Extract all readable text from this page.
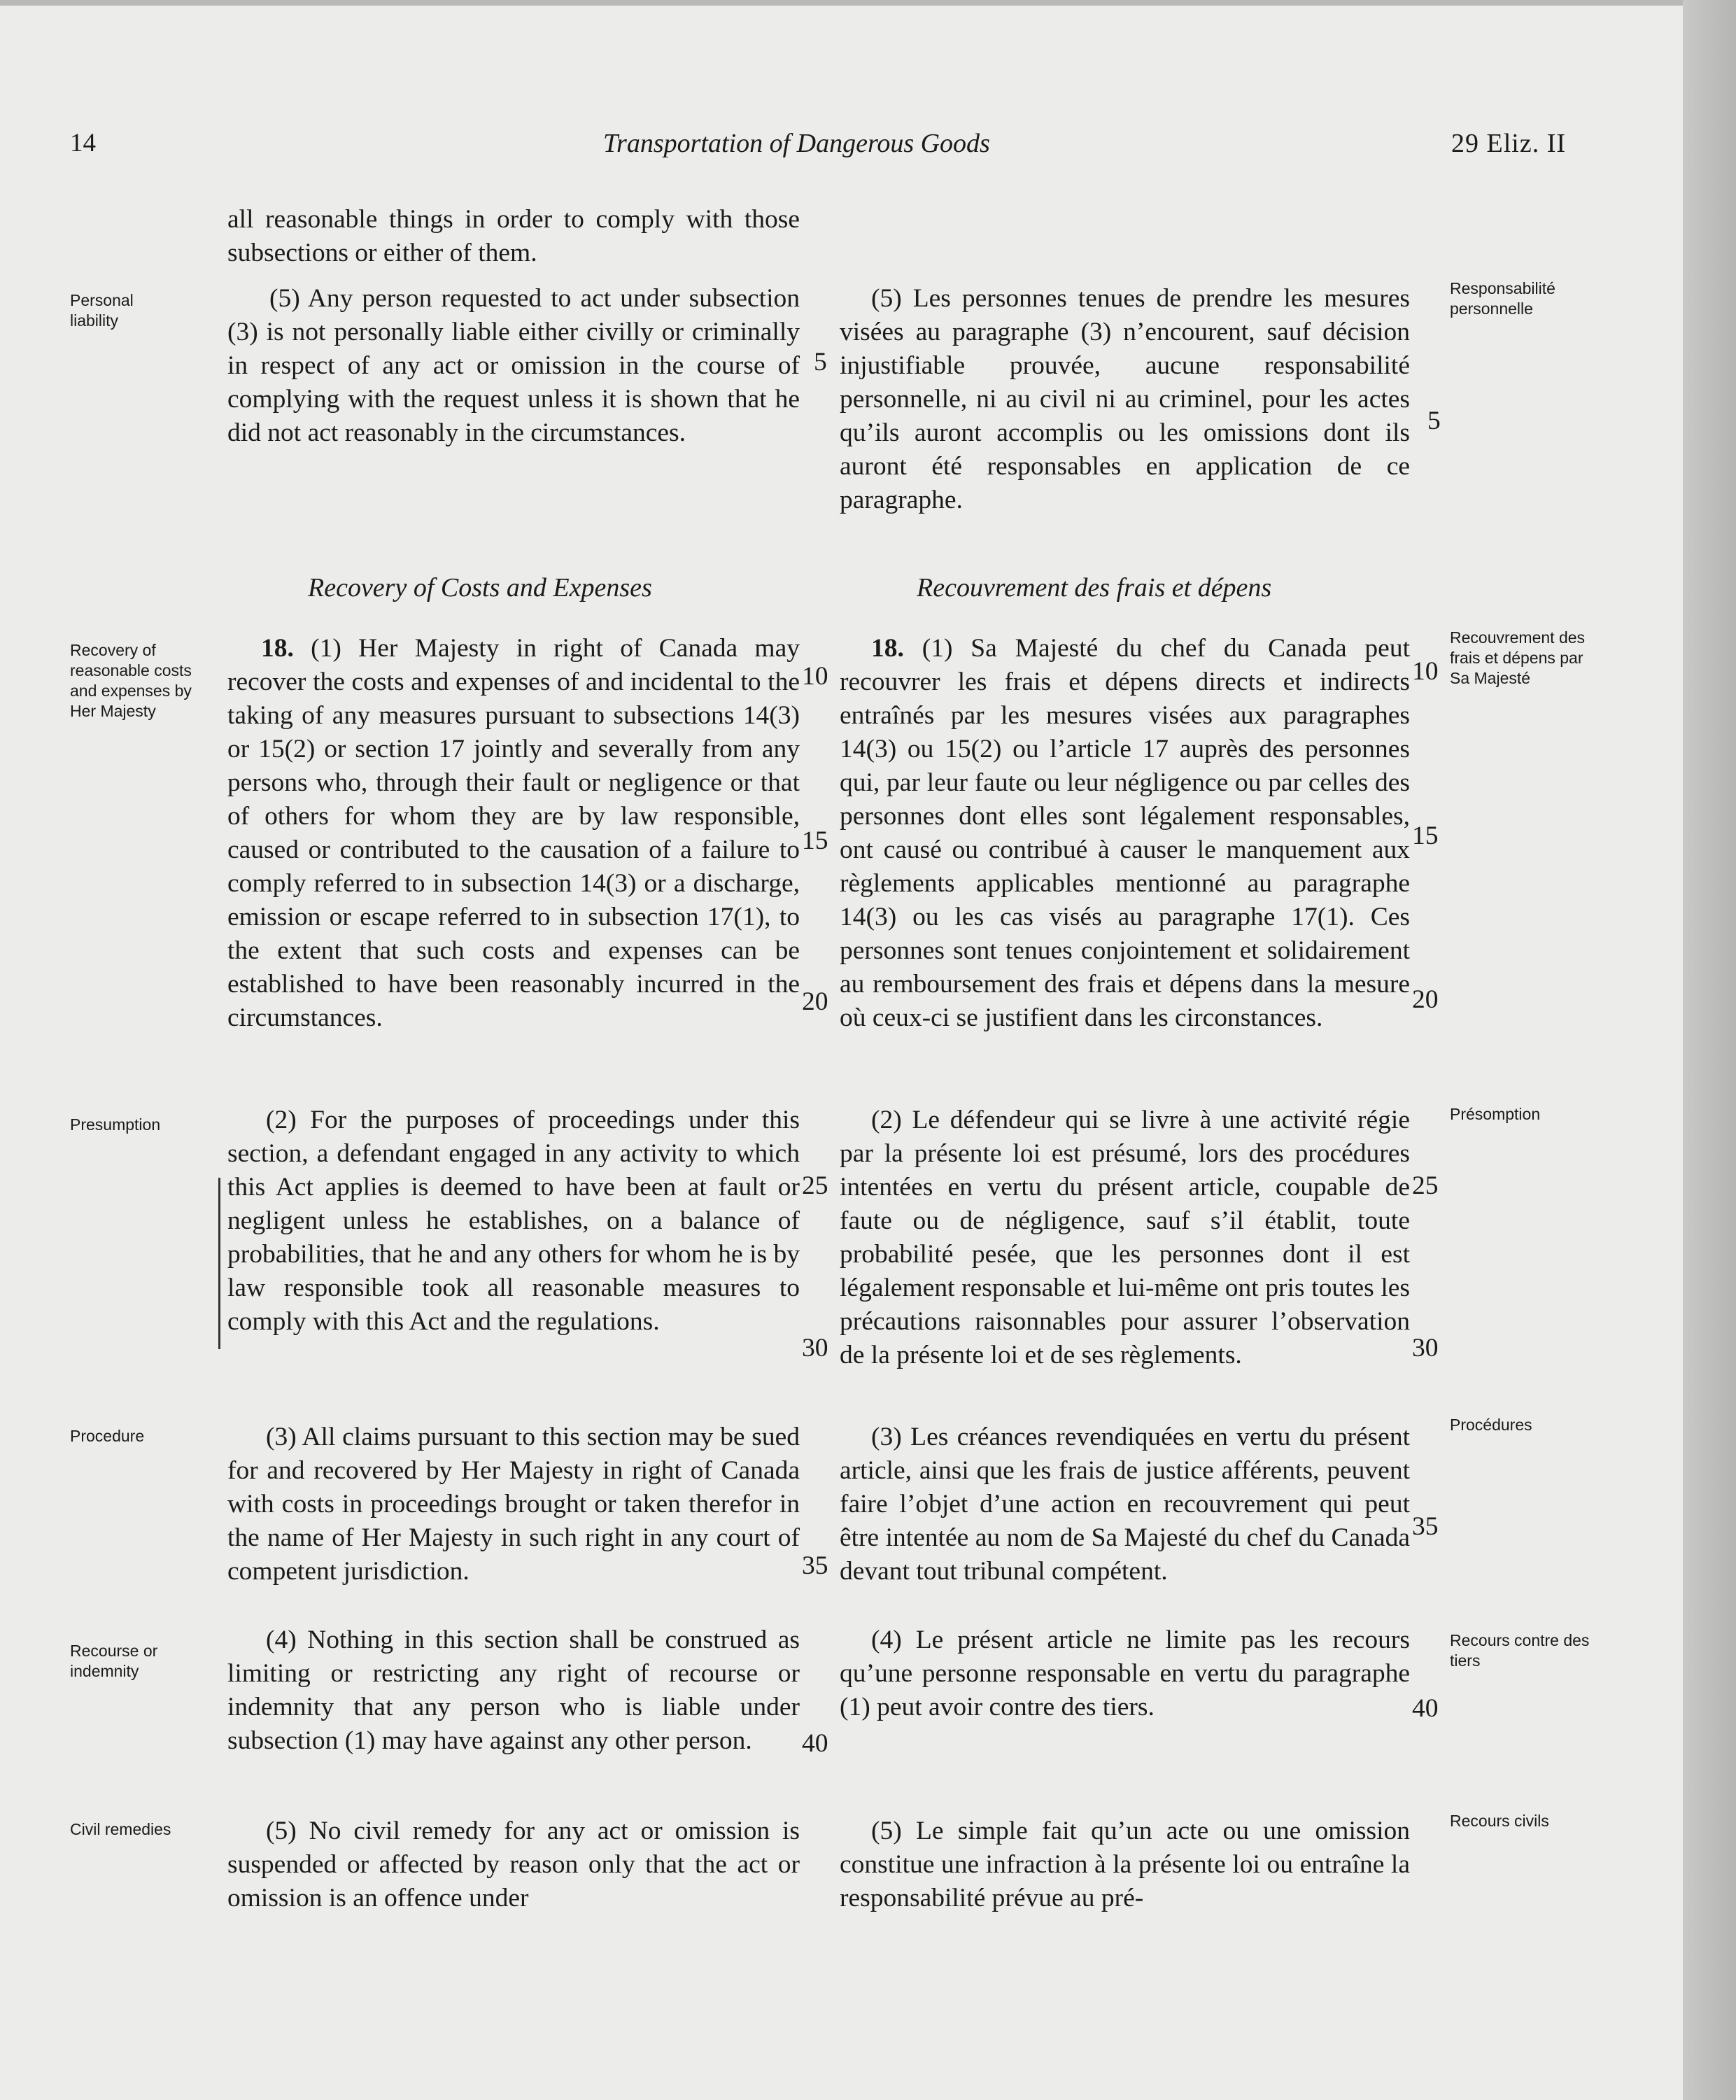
14	Transportation of Dangerous Goods	29 Eliz. II
Personal liability
Recovery of reasonable costs and expenses by Her Majesty
Presumption
Procedure
Recourse or indemnity
Civil remedies
Responsabilité personnelle
Recouvrement des frais et dépens par Sa Majesté
Présomption
Procédures
Recours contre des tiers
Recours civils

all reasonable things in order to comply with those subsections or either of them.

(5) Any person requested to act under subsection (3) is not personally liable either civilly or criminally in respect of any act or omission in the course of complying with the request unless it is shown that he did not act reasonably in the circumstances.

Recovery of Costs and Expenses

18. (1) Her Majesty in right of Canada may recover the costs and expenses of and incidental to the taking of any measures pursuant to subsections 14(3) or 15(2) or section 17 jointly and severally from any persons who, through their fault or negligence or that of others for whom they are by law responsible, caused or contributed to the causation of a failure to comply referred to in subsection 14(3) or a discharge, emission or escape referred to in subsection 17(1), to the extent that such costs and expenses can be established to have been reasonably incurred in the circumstances.

(2) For the purposes of proceedings under this section, a defendant engaged in any activity to which this Act applies is deemed to have been at fault or negligent unless he establishes, on a balance of probabilities, that he and any others for whom he is by law responsible took all reasonable measures to comply with this Act and the regulations.

(3) All claims pursuant to this section may be sued for and recovered by Her Majesty in right of Canada with costs in proceedings brought or taken therefor in the name of Her Majesty in such right in any court of competent jurisdiction.

(4) Nothing in this section shall be construed as limiting or restricting any right of recourse or indemnity that any person who is liable under subsection (1) may have against any other person.

(5) No civil remedy for any act or omission is suspended or affected by reason only that the act or omission is an offence under

(5) Les personnes tenues de prendre les mesures visées au paragraphe (3) n’encourent, sauf décision injustifiable prouvée, aucune responsabilité personnelle, ni au civil ni au criminel, pour les actes qu’ils auront accomplis ou les omissions dont ils auront été responsables en application de ce paragraphe.

Recouvrement des frais et dépens

18. (1) Sa Majesté du chef du Canada peut recouvrer les frais et dépens directs et indirects entraînés par les mesures visées aux paragraphes 14(3) ou 15(2) ou l’article 17 auprès des personnes qui, par leur faute ou leur négligence ou par celles des personnes dont elles sont légalement responsables, ont causé ou contribué à causer le manquement aux règlements applicables mentionné au paragraphe 14(3) ou les cas visés au paragraphe 17(1). Ces personnes sont tenues conjointement et solidairement au remboursement des frais et dépens dans la mesure où ceux-ci se justifient dans les circonstances.

(2) Le défendeur qui se livre à une activité régie par la présente loi est présumé, lors des procédures intentées en vertu du présent article, coupable de faute ou de négligence, sauf s’il établit, toute probabilité pesée, que les personnes dont il est légalement responsable et lui-même ont pris toutes les précautions raisonnables pour assurer l’observation de la présente loi et de ses règlements.

(3) Les créances revendiquées en vertu du présent article, ainsi que les frais de justice afférents, peuvent faire l’objet d’une action en recouvrement qui peut être intentée au nom de Sa Majesté du chef du Canada devant tout tribunal compétent.

(4) Le présent article ne limite pas les recours qu’une personne responsable en vertu du paragraphe (1) peut avoir contre des tiers.

(5) Le simple fait qu’un acte ou une omission constitue une infraction à la présente loi ou entraîne la responsabilité prévue au pré-

5
10
15
20
25
30
35
40
5
10
15
20
25
30
35
40
